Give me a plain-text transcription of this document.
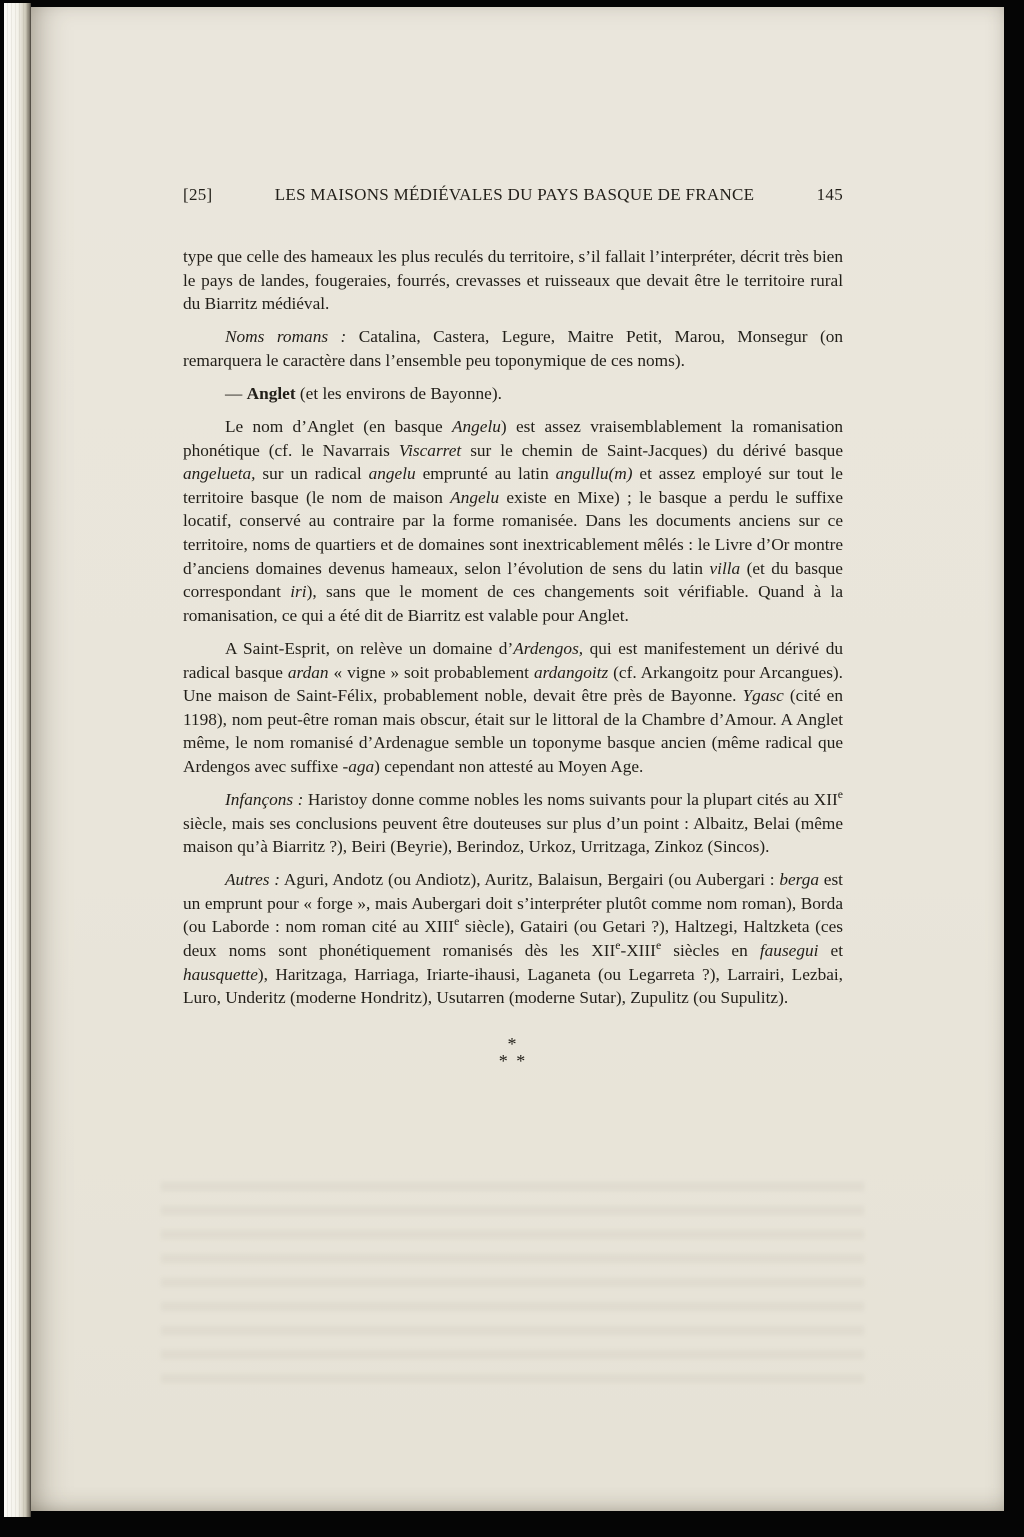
[25]	LES MAISONS MÉDIÉVALES DU PAYS BASQUE DE FRANCE	145

type que celle des hameaux les plus reculés du territoire, s’il fallait l’interpréter, décrit très bien le pays de landes, fougeraies, fourrés, crevasses et ruisseaux que devait être le territoire rural du Biarritz médiéval.

Noms romans : Catalina, Castera, Legure, Maitre Petit, Marou, Monsegur (on remarquera le caractère dans l’ensemble peu toponymique de ces noms).

— Anglet (et les environs de Bayonne).

Le nom d’Anglet (en basque Angelu) est assez vraisemblablement la romanisation phonétique (cf. le Navarrais Viscarret sur le chemin de Saint-Jacques) du dérivé basque angelueta, sur un radical angelu emprunté au latin angullu(m) et assez employé sur tout le territoire basque (le nom de maison Angelu existe en Mixe) ; le basque a perdu le suffixe locatif, conservé au contraire par la forme romanisée. Dans les documents anciens sur ce territoire, noms de quartiers et de domaines sont inextricablement mêlés : le Livre d’Or montre d’anciens domaines devenus hameaux, selon l’évolution de sens du latin villa (et du basque correspondant iri), sans que le moment de ces changements soit vérifiable. Quand à la romanisation, ce qui a été dit de Biarritz est valable pour Anglet.

A Saint-Esprit, on relève un domaine d’Ardengos, qui est manifestement un dérivé du radical basque ardan « vigne » soit probablement ardangoitz (cf. Arkangoitz pour Arcangues). Une maison de Saint-Félix, probablement noble, devait être près de Bayonne. Ygasc (cité en 1198), nom peut-être roman mais obscur, était sur le littoral de la Chambre d’Amour. A Anglet même, le nom romanisé d’Ardenague semble un toponyme basque ancien (même radical que Ardengos avec suffixe -aga) cependant non attesté au Moyen Age.

Infançons : Haristoy donne comme nobles les noms suivants pour la plupart cités au XIIe siècle, mais ses conclusions peuvent être douteuses sur plus d’un point : Albaitz, Belai (même maison qu’à Biarritz ?), Beiri (Beyrie), Berindoz, Urkoz, Urritzaga, Zinkoz (Sincos).

Autres : Aguri, Andotz (ou Andiotz), Auritz, Balaisun, Bergairi (ou Aubergari : berga est un emprunt pour « forge », mais Aubergari doit s’interpréter plutôt comme nom roman), Borda (ou Laborde : nom roman cité au XIIIe siècle), Gatairi (ou Getari ?), Haltzegi, Haltzketa (ces deux noms sont phonétiquement romanisés dès les XIIe-XIIIe siècles en fausegui et hausquette), Haritzaga, Harriaga, Iriarte-ihausi, Laganeta (ou Legarreta ?), Larrairi, Lezbai, Luro, Underitz (moderne Hondritz), Usutarren (moderne Sutar), Zupulitz (ou Supulitz).

*
* *
